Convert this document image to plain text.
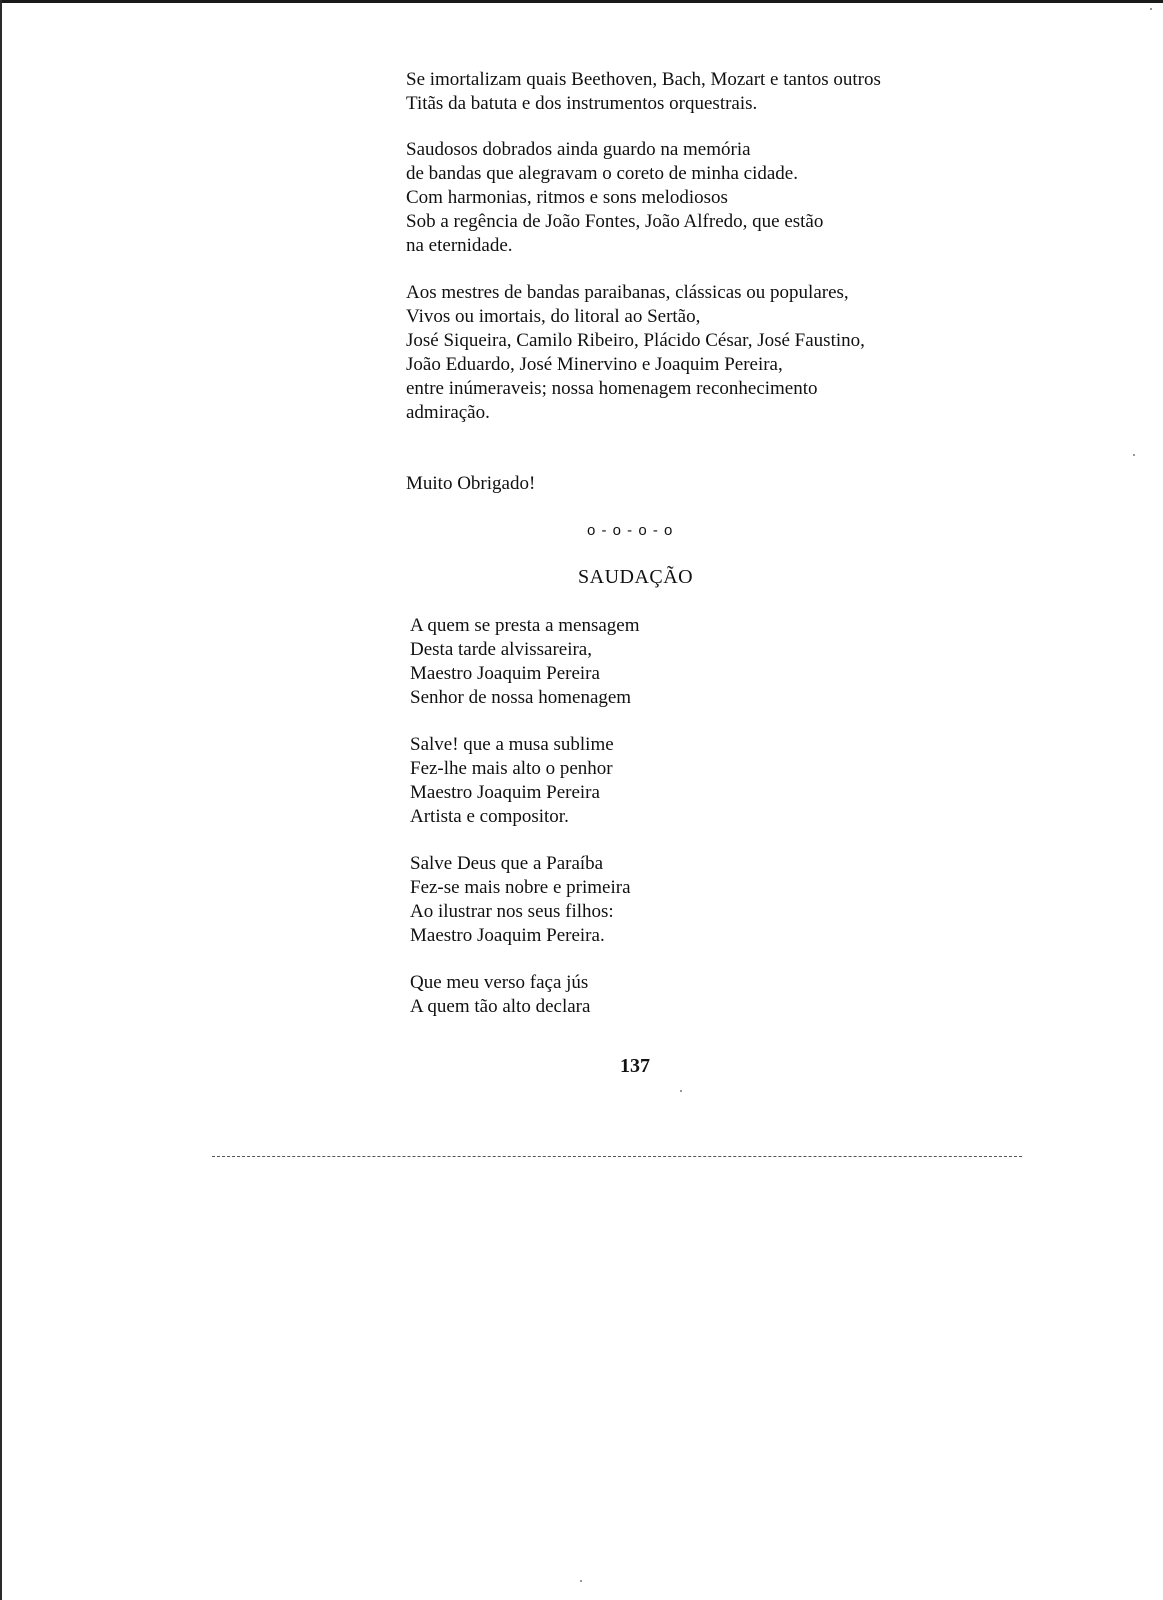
Se imortalizam quais Beethoven, Bach, Mozart e tantos outros
Titãs da batuta e dos instrumentos orquestrais.
Saudosos dobrados ainda guardo na memória
de bandas que alegravam o coreto de minha cidade.
Com harmonias, ritmos e sons melodiosos
Sob a regência de João Fontes, João Alfredo, que estão
na eternidade.
Aos mestres de bandas paraibanas, clássicas ou populares,
Vivos ou imortais, do litoral ao Sertão,
José Siqueira, Camilo Ribeiro, Plácido César, José Faustino,
João Eduardo, José Minervino e Joaquim Pereira,
entre inúmeraveis; nossa homenagem reconhecimento
admiração.
Muito Obrigado!
o - o - o - o
SAUDAÇÃO
A quem se presta a mensagem
Desta tarde alvissareira,
Maestro Joaquim Pereira
Senhor de nossa homenagem
Salve! que a musa sublime
Fez-lhe mais alto o penhor
Maestro Joaquim Pereira
Artista e compositor.
Salve Deus que a Paraíba
Fez-se mais nobre e primeira
Ao ilustrar nos seus filhos:
Maestro Joaquim Pereira.
Que meu verso faça jús
A quem tão alto declara
137
